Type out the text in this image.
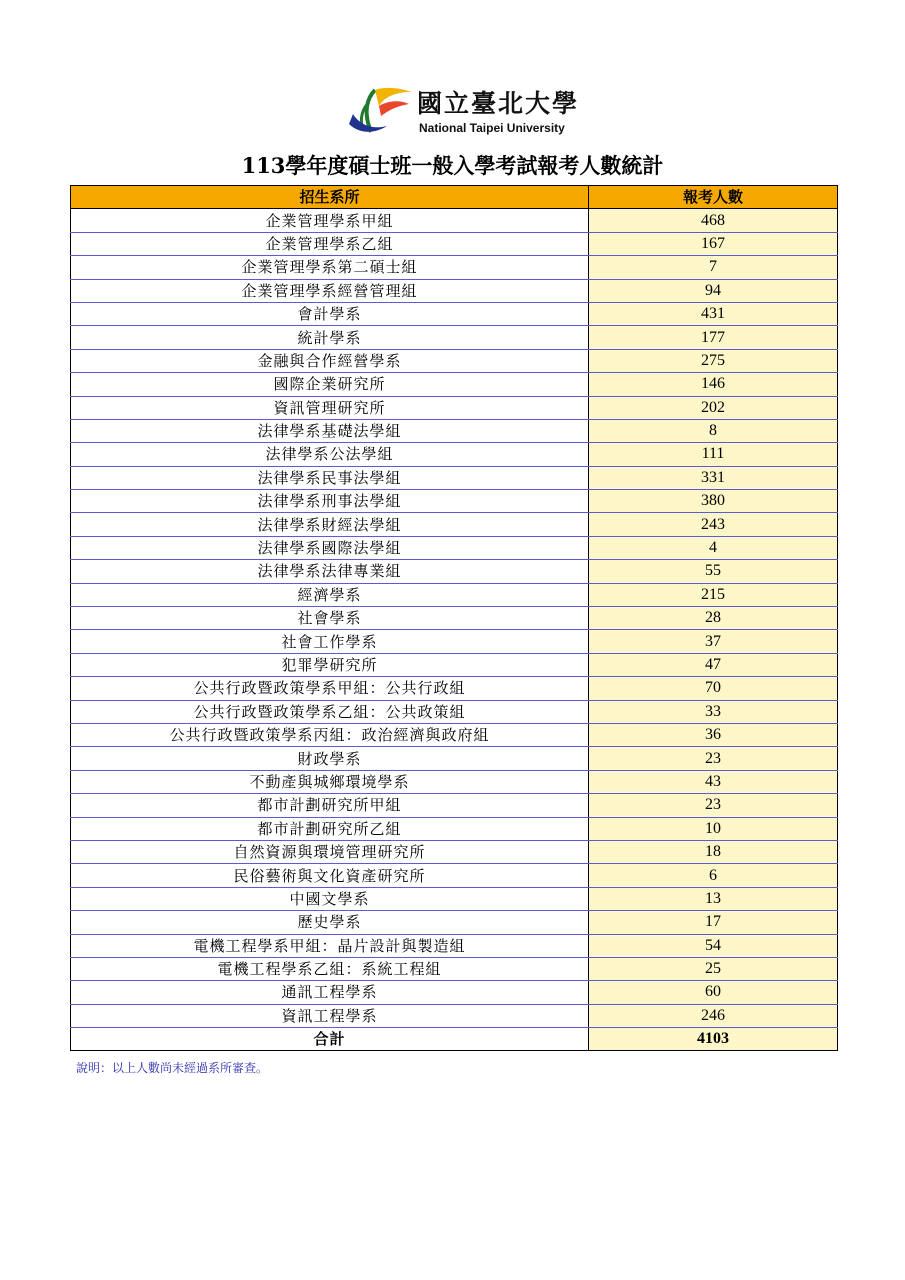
國立臺北大學
National Taipei University
113學年度碩士班一般入學考試報考人數統計
招生系所	報考人數
企業管理學系甲組	468
企業管理學系乙組	167
企業管理學系第二碩士組	7
企業管理學系經營管理組	94
會計學系	431
統計學系	177
金融與合作經營學系	275
國際企業研究所	146
資訊管理研究所	202
法律學系基礎法學組	8
法律學系公法學組	111
法律學系民事法學組	331
法律學系刑事法學組	380
法律學系財經法學組	243
法律學系國際法學組	4
法律學系法律專業組	55
經濟學系	215
社會學系	28
社會工作學系	37
犯罪學研究所	47
公共行政暨政策學系甲組：公共行政組	70
公共行政暨政策學系乙組：公共政策組	33
公共行政暨政策學系丙組：政治經濟與政府組	36
財政學系	23
不動產與城鄉環境學系	43
都市計劃研究所甲組	23
都市計劃研究所乙組	10
自然資源與環境管理研究所	18
民俗藝術與文化資產研究所	6
中國文學系	13
歷史學系	17
電機工程學系甲組：晶片設計與製造組	54
電機工程學系乙組：系統工程組	25
通訊工程學系	60
資訊工程學系	246
合計	4103
說明：以上人數尚未經過系所審查。
